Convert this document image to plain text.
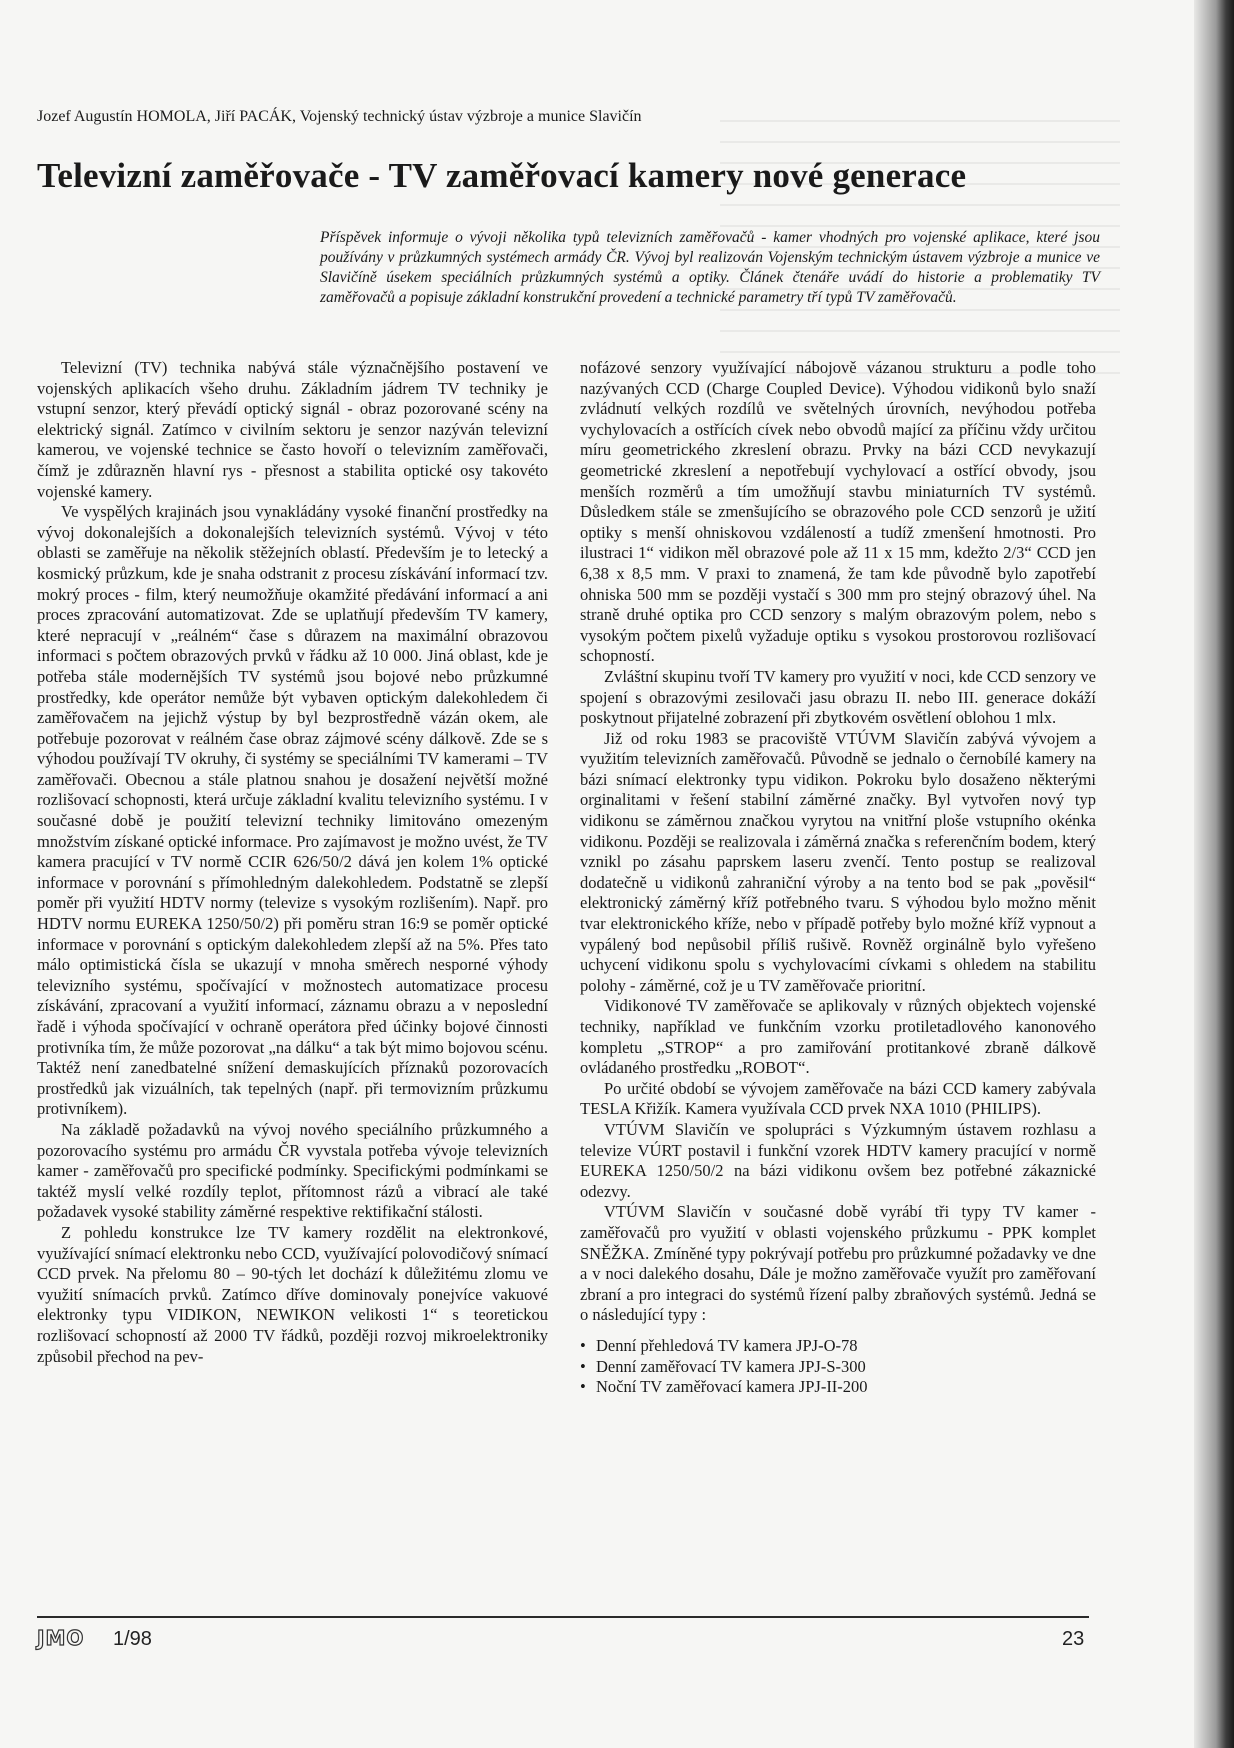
Jozef Augustín HOMOLA, Jiří PACÁK, Vojenský technický ústav výzbroje a munice Slavičín
Televizní zaměřovače - TV zaměřovací kamery nové generace
Příspěvek informuje o vývoji několika typů televizních zaměřovačů - kamer vhodných pro vojenské aplikace, které jsou používány v průzkumných systémech armády ČR. Vývoj byl realizován Vojenským technickým ústavem výzbroje a munice ve Slavičíně úsekem speciálních průzkumných systémů a optiky. Článek čtenáře uvádí do historie a problematiky TV zaměřovačů a popisuje základní konstrukční provedení a technické parametry tří typů TV zaměřovačů.

Televizní (TV) technika nabývá stále význačnějšího postavení ve vojenských aplikacích všeho druhu. Základním jádrem TV techniky je vstupní senzor, který převádí optický signál - obraz pozorované scény na elektrický signál. Zatímco v civilním sektoru je senzor nazýván televizní kamerou, ve vojenské technice se často hovoří o televizním zaměřovači, čímž je zdůrazněn hlavní rys - přesnost a stabilita optické osy takovéto vojenské kamery.

Ve vyspělých krajinách jsou vynakládány vysoké finanční prostředky na vývoj dokonalejších a dokonalejších televizních systémů. Vývoj v této oblasti se zaměřuje na několik stěžejních oblastí. Především je to letecký a kosmický průzkum, kde je snaha odstranit z procesu získávání informací tzv. mokrý proces - film, který neumožňuje okamžité předávání informací a ani proces zpracování automatizovat. Zde se uplatňují především TV kamery, které nepracují v „reálném“ čase s důrazem na maximální obrazovou informaci s počtem obrazových prvků v řádku až 10 000. Jiná oblast, kde je potřeba stále modernějších TV systémů jsou bojové nebo průzkumné prostředky, kde operátor nemůže být vybaven optickým dalekohledem či zaměřovačem na jejichž výstup by byl bezprostředně vázán okem, ale potřebuje pozorovat v reálném čase obraz zájmové scény dálkově. Zde se s výhodou používají TV okruhy, či systémy se speciálními TV kamerami – TV zaměřovači. Obecnou a stále platnou snahou je dosažení největší možné rozlišovací schopnosti, která určuje základní kvalitu televizního systému. I v současné době je použití televizní techniky limitováno omezeným množstvím získané optické informace. Pro zajímavost je možno uvést, že TV kamera pracující v TV normě CCIR 626/50/2 dává jen kolem 1% optické informace v porovnání s přímohledným dalekohledem. Podstatně se zlepší poměr při využití HDTV normy (televize s vysokým rozlišením). Např. pro HDTV normu EUREKA 1250/50/2) při poměru stran 16:9 se poměr optické informace v porovnání s optickým dalekohledem zlepší až na 5%. Přes tato málo optimistická čísla se ukazují v mnoha směrech nesporné výhody televizního systému, spočívající v možnostech automatizace procesu získávání, zpracovaní a využití informací, záznamu obrazu a v neposlední řadě i výhoda spočívající v ochraně operátora před účinky bojové činnosti protivníka tím, že může pozorovat „na dálku“ a tak být mimo bojovou scénu. Taktéž není zanedbatelné snížení demaskujících příznaků pozorovacích prostředků jak vizuálních, tak tepelných (např. při termovizním průzkumu protivníkem).

Na základě požadavků na vývoj nového speciálního průzkumného a pozorovacího systému pro armádu ČR vyvstala potřeba vývoje televizních kamer - zaměřovačů pro specifické podmínky. Specifickými podmínkami se taktéž myslí velké rozdíly teplot, přítomnost rázů a vibrací ale také požadavek vysoké stability záměrné respektive rektifikační stálosti.

Z pohledu konstrukce lze TV kamery rozdělit na elektronkové, využívající snímací elektronku nebo CCD, využívající polovodičový snímací CCD prvek. Na přelomu 80 – 90-tých let dochází k důležitému zlomu ve využití snímacích prvků. Zatímco dříve dominovaly ponejvíce vakuové elektronky typu VIDIKON, NEWIKON velikosti 1“ s teoretickou rozlišovací schopností až 2000 TV řádků, později rozvoj mikroelektroniky způsobil přechod na pev-

nofázové senzory využívající nábojově vázanou strukturu a podle toho nazývaných CCD (Charge Coupled Device). Výhodou vidikonů bylo snaží zvládnutí velkých rozdílů ve světelných úrovních, nevýhodou potřeba vychylovacích a ostřících cívek nebo obvodů mající za příčinu vždy určitou míru geometrického zkreslení obrazu. Prvky na bázi CCD nevykazují geometrické zkreslení a nepotřebují vychylovací a ostřící obvody, jsou menších rozměrů a tím umožňují stavbu miniaturních TV systémů. Důsledkem stále se zmenšujícího se obrazového pole CCD senzorů je užití optiky s menší ohniskovou vzdáleností a tudíž zmenšení hmotnosti. Pro ilustraci 1“ vidikon měl obrazové pole až 11 x 15 mm, kdežto 2/3“ CCD jen 6,38 x 8,5 mm. V praxi to znamená, že tam kde původně bylo zapotřebí ohniska 500 mm se později vystačí s 300 mm pro stejný obrazový úhel. Na straně druhé optika pro CCD senzory s malým obrazovým polem, nebo s vysokým počtem pixelů vyžaduje optiku s vysokou prostorovou rozlišovací schopností.

Zvláštní skupinu tvoří TV kamery pro využití v noci, kde CCD senzory ve spojení s obrazovými zesilovači jasu obrazu II. nebo III. generace dokáží poskytnout přijatelné zobrazení při zbytkovém osvětlení oblohou 1 mlx.

Již od roku 1983 se pracoviště VTÚVM Slavičín zabývá vývojem a využitím televizních zaměřovačů. Původně se jednalo o černobílé kamery na bázi snímací elektronky typu vidikon. Pokroku bylo dosaženo některými orginalitami v řešení stabilní záměrné značky. Byl vytvořen nový typ vidikonu se záměrnou značkou vyrytou na vnitřní ploše vstupního okénka vidikonu. Později se realizovala i záměrná značka s referenčním bodem, který vznikl po zásahu paprskem laseru zvenčí. Tento postup se realizoval dodatečně u vidikonů zahraniční výroby a na tento bod se pak „pověsil“ elektronický záměrný kříž potřebného tvaru. S výhodou bylo možno měnit tvar elektronického kříže, nebo v případě potřeby bylo možné kříž vypnout a vypálený bod nepůsobil příliš rušivě. Rovněž orginálně bylo vyřešeno uchycení vidikonu spolu s vychylovacími cívkami s ohledem na stabilitu polohy - záměrné, což je u TV zaměřovače prioritní.

Vidikonové TV zaměřovače se aplikovaly v různých objektech vojenské techniky, například ve funkčním vzorku protiletadlového kanonového kompletu „STROP“ a pro zamiřování protitankové zbraně dálkově ovládaného prostředku „ROBOT“.

Po určité období se vývojem zaměřovače na bázi CCD kamery zabývala TESLA Křižík. Kamera využívala CCD prvek NXA 1010 (PHILIPS).

VTÚVM Slavičín ve spolupráci s Výzkumným ústavem rozhlasu a televize VÚRT postavil i funkční vzorek HDTV kamery pracující v normě EUREKA 1250/50/2 na bázi vidikonu ovšem bez potřebné zákaznické odezvy.

VTÚVM Slavičín v současné době vyrábí tři typy TV kamer - zaměřovačů pro využití v oblasti vojenského průzkumu - PPK komplet SNĚŽKA. Zmíněné typy pokrývají potřebu pro průzkumné požadavky ve dne a v noci dalekého dosahu, Dále je možno zaměřovače využít pro zaměřovaní zbraní a pro integraci do systémů řízení palby zbraňových systémů. Jedná se o následující typy :

• Denní přehledová TV kamera JPJ-O-78
• Denní zaměřovací TV kamera JPJ-S-300
• Noční TV zaměřovací kamera JPJ-II-200
JMO 1/98	23
